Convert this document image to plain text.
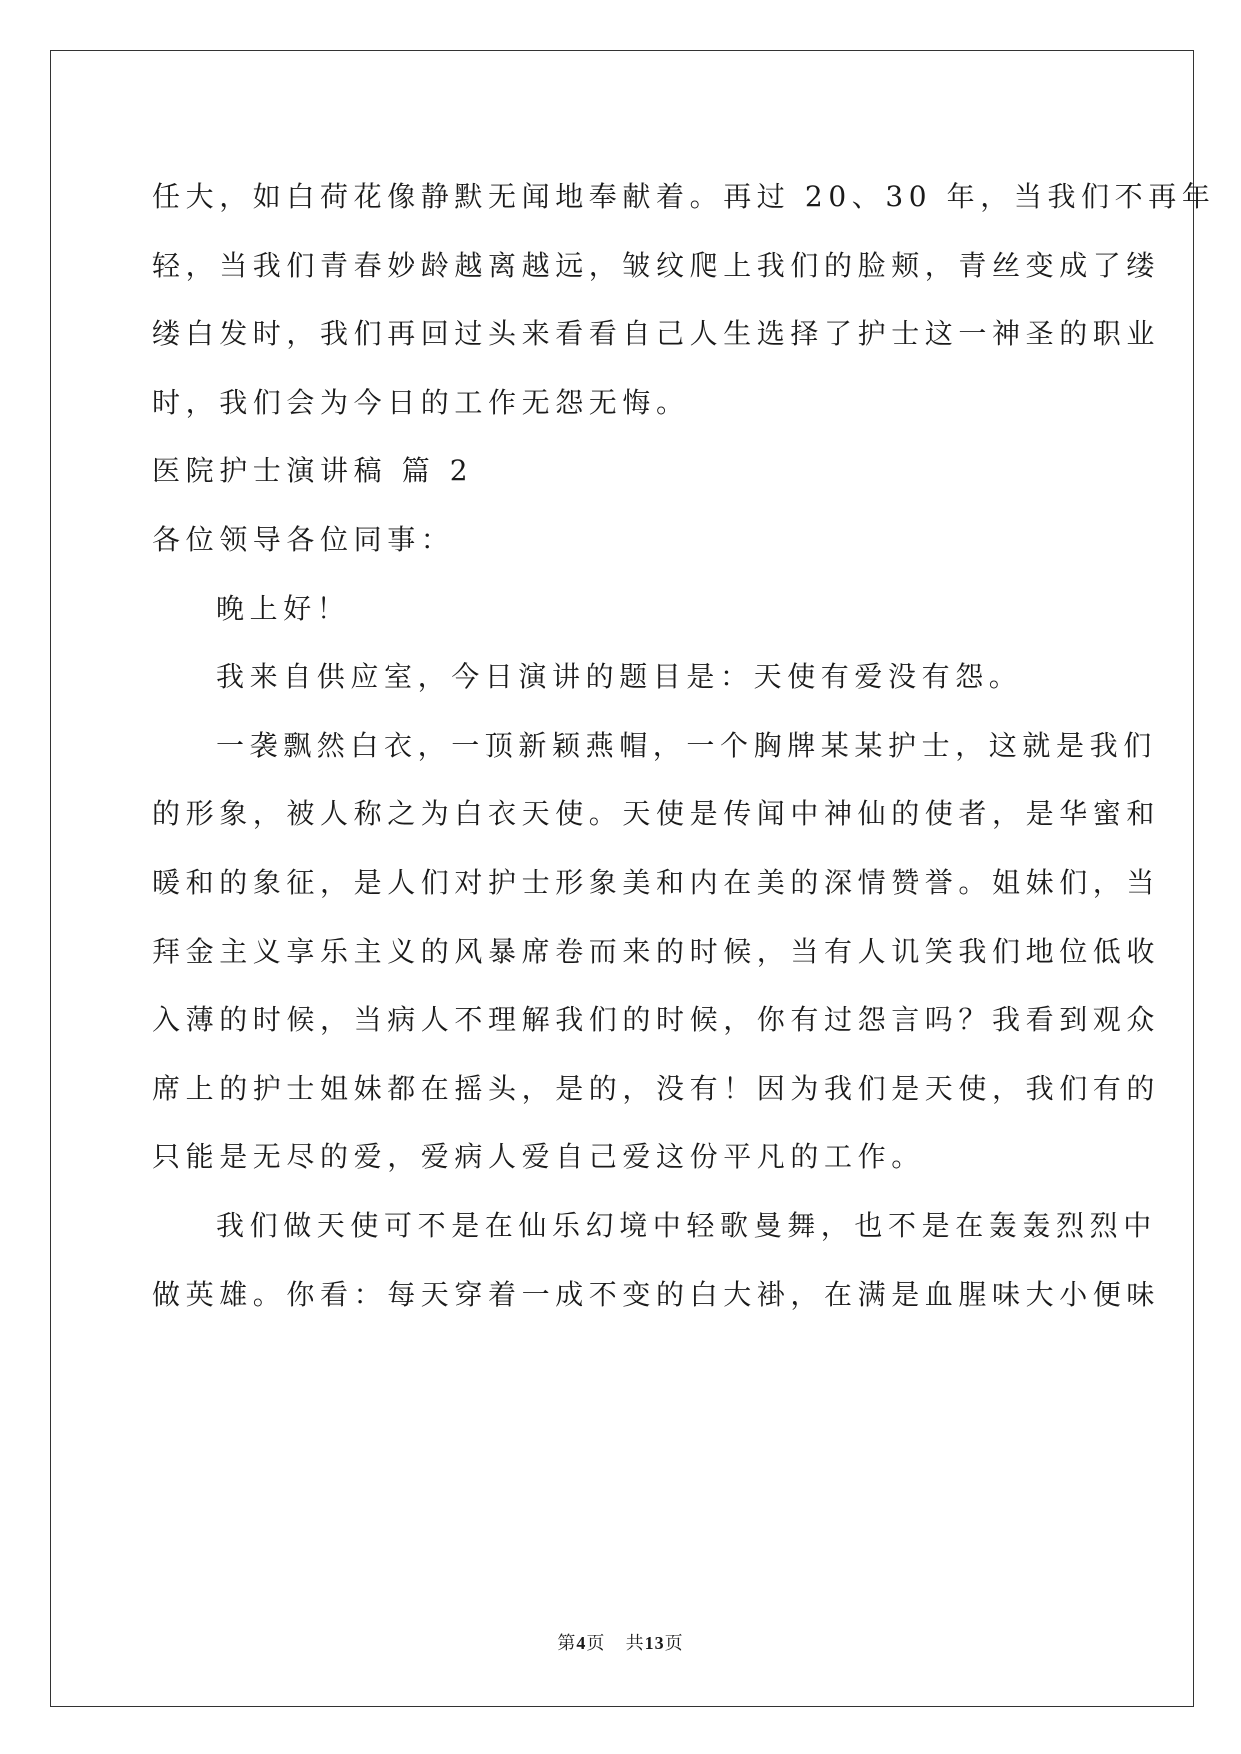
任大，如白荷花像静默无闻地奉献着。再过 20、30 年，当我们不再年
轻，当我们青春妙龄越离越远，皱纹爬上我们的脸颊，青丝变成了缕
缕白发时，我们再回过头来看看自己人生选择了护士这一神圣的职业
时，我们会为今日的工作无怨无悔。
医院护士演讲稿 篇 2
各位领导各位同事：
晚上好！
我来自供应室，今日演讲的题目是：天使有爱没有怨。
一袭飘然白衣，一顶新颖燕帽，一个胸牌某某护士，这就是我们
的形象，被人称之为白衣天使。天使是传闻中神仙的使者，是华蜜和
暖和的象征，是人们对护士形象美和内在美的深情赞誉。姐妹们，当
拜金主义享乐主义的风暴席卷而来的时候，当有人讥笑我们地位低收
入薄的时候，当病人不理解我们的时候，你有过怨言吗？我看到观众
席上的护士姐妹都在摇头，是的，没有！因为我们是天使，我们有的
只能是无尽的爱，爱病人爱自己爱这份平凡的工作。
我们做天使可不是在仙乐幻境中轻歌曼舞，也不是在轰轰烈烈中
做英雄。你看：每天穿着一成不变的白大褂，在满是血腥味大小便味
第4页 共13页
